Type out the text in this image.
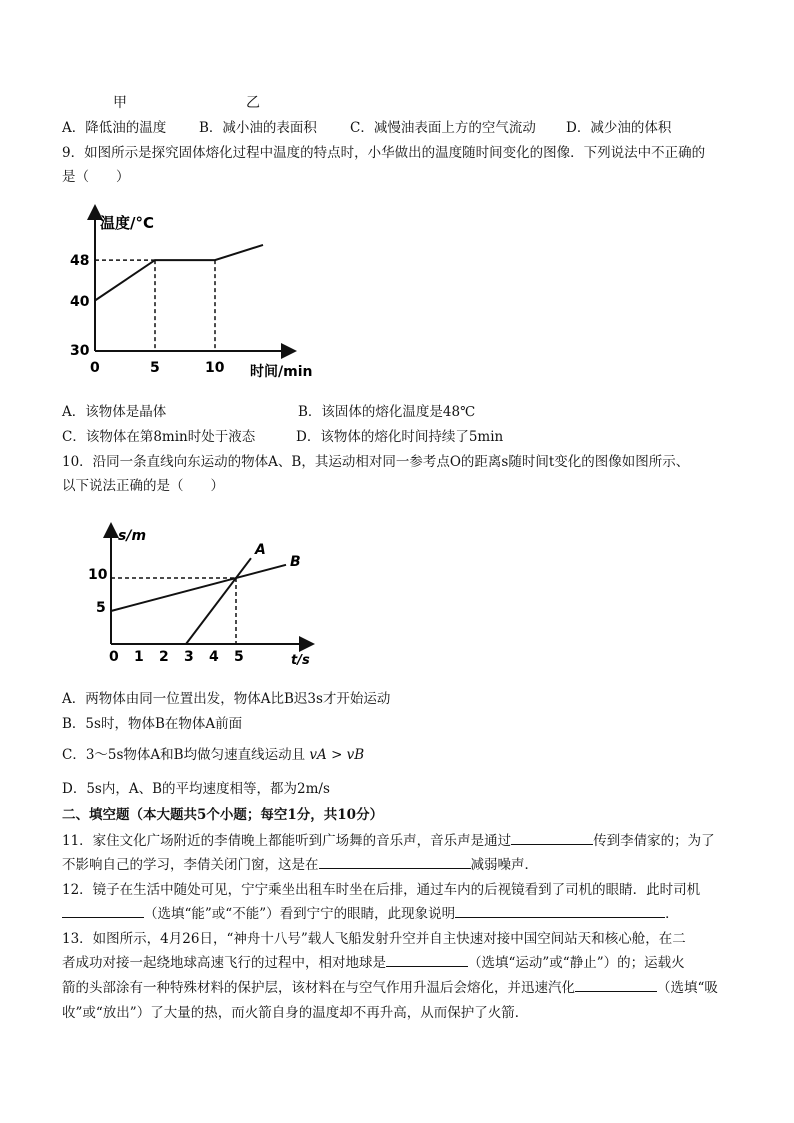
甲	乙
A．降低油的温度 B．减小油的表面积 C．减慢油表面上方的空气流动 D．减少油的体积
9．如图所示是探究固体熔化过程中温度的特点时，小华做出的温度随时间变化的图像．下列说法中不正确的
是（　　）
温度/°C
时间/min
30
40
48
0	5	10
A．该物体是晶体	B．该固体的熔化温度是48℃
C．该物体在第8min时处于液态	D．该物体的熔化时间持续了5min
10．沿同一条直线向东运动的物体A、B，其运动相对同一参考点O的距离s随时间t变化的图像如图所示、
以下说法正确的是（　　）
s/m
t/s
5
10
0 1 2 3 4 5
A
B
A．两物体由同一位置出发，物体A比B迟3s才开始运动
B．5s时，物体B在物体A前面
C．3～5s物体A和B均做匀速直线运动且 vA > vB
D．5s内，A、B的平均速度相等，都为2m/s
二、填空题（本大题共5个小题；每空1分，共10分）
11．家住文化广场附近的李倩晚上都能听到广场舞的音乐声，音乐声是通过	传到李倩家的；为了
不影响自己的学习，李倩关闭门窗，这是在	减弱噪声．
12．镜子在生活中随处可见，宁宁乘坐出租车时坐在后排，通过车内的后视镜看到了司机的眼睛．此时司机
（选填“能”或“不能”）看到宁宁的眼睛，此现象说明	．
13．如图所示，4月26日，“神舟十八号”载人飞船发射升空并自主快速对接中国空间站天和核心舱，在二
者成功对接一起绕地球高速飞行的过程中，相对地球是	（选填“运动”或“静止”）的；运载火
箭的头部涂有一种特殊材料的保护层，该材料在与空气作用升温后会熔化，并迅速汽化	（选填“吸
收”或“放出”）了大量的热，而火箭自身的温度却不再升高，从而保护了火箭．
